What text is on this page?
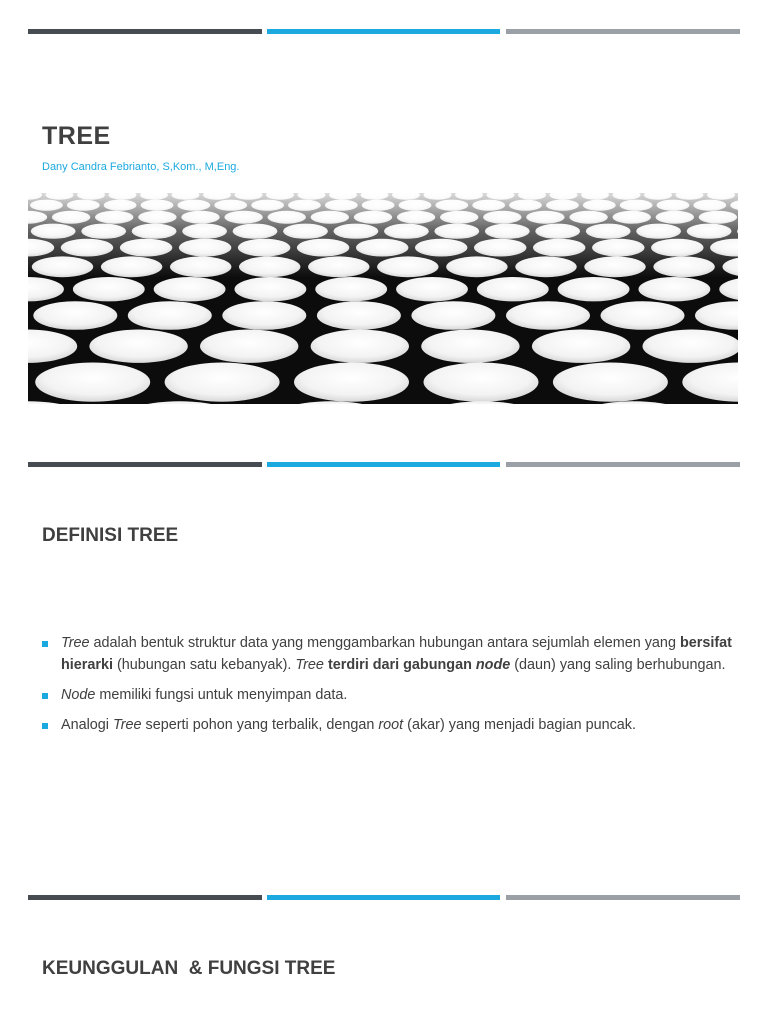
TREE

Dany Candra Febrianto, S,Kom., M,Eng.

DEFINISI TREE
Tree adalah bentuk struktur data yang menggambarkan hubungan antara sejumlah elemen yang bersifat hierarki (hubungan satu kebanyak). Tree terdiri dari gabungan node (daun) yang saling berhubungan.
Node memiliki fungsi untuk menyimpan data.
Analogi Tree seperti pohon yang terbalik, dengan root (akar) yang menjadi bagian puncak.
KEUNGGULAN  & FUNGSI TREE
